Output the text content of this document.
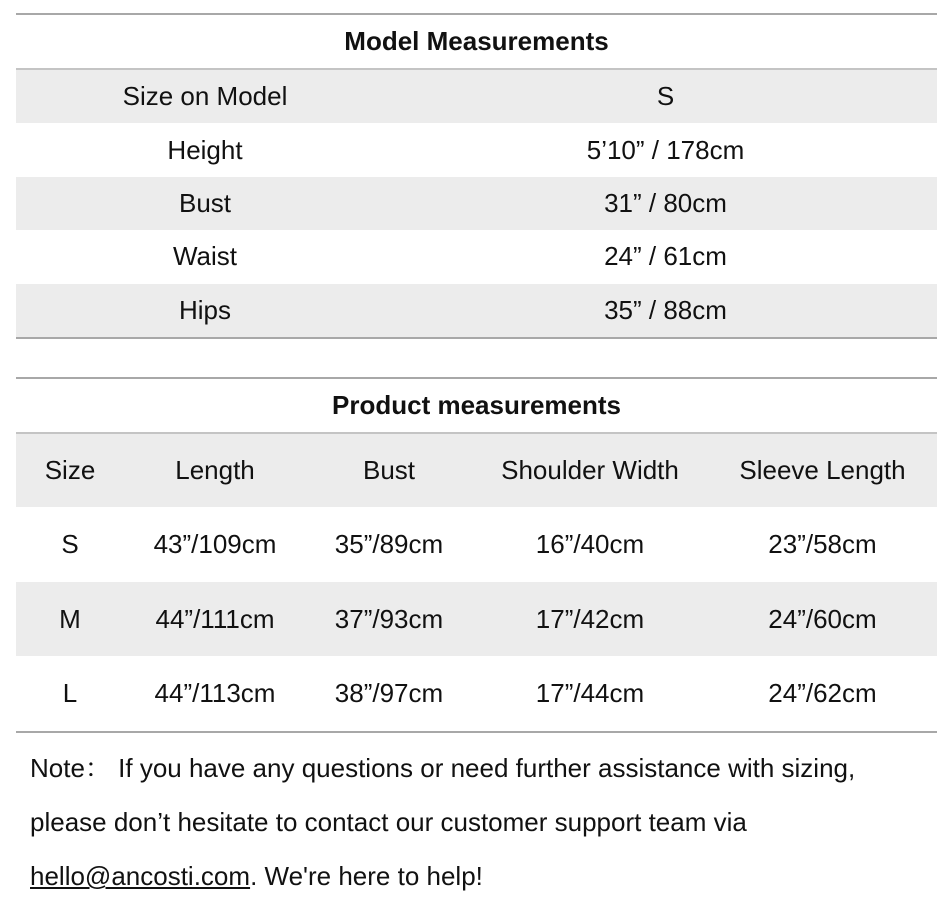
Model Measurements
Size on Model	S
Height	5’10” / 178cm
Bust	31” / 80cm
Waist	24” / 61cm
Hips	35” / 88cm
Product measurements
Size	Length	Bust	Shoulder Width	Sleeve Length
S	43”/109cm	35”/89cm	16”/40cm	23”/58cm
M	44”/111cm	37”/93cm	17”/42cm	24”/60cm
L	44”/113cm	38”/97cm	17”/44cm	24”/62cm
Note： If you have any questions or need further assistance with sizing, please don’t hesitate to contact our customer support team via hello@ancosti.com. We're here to help!
